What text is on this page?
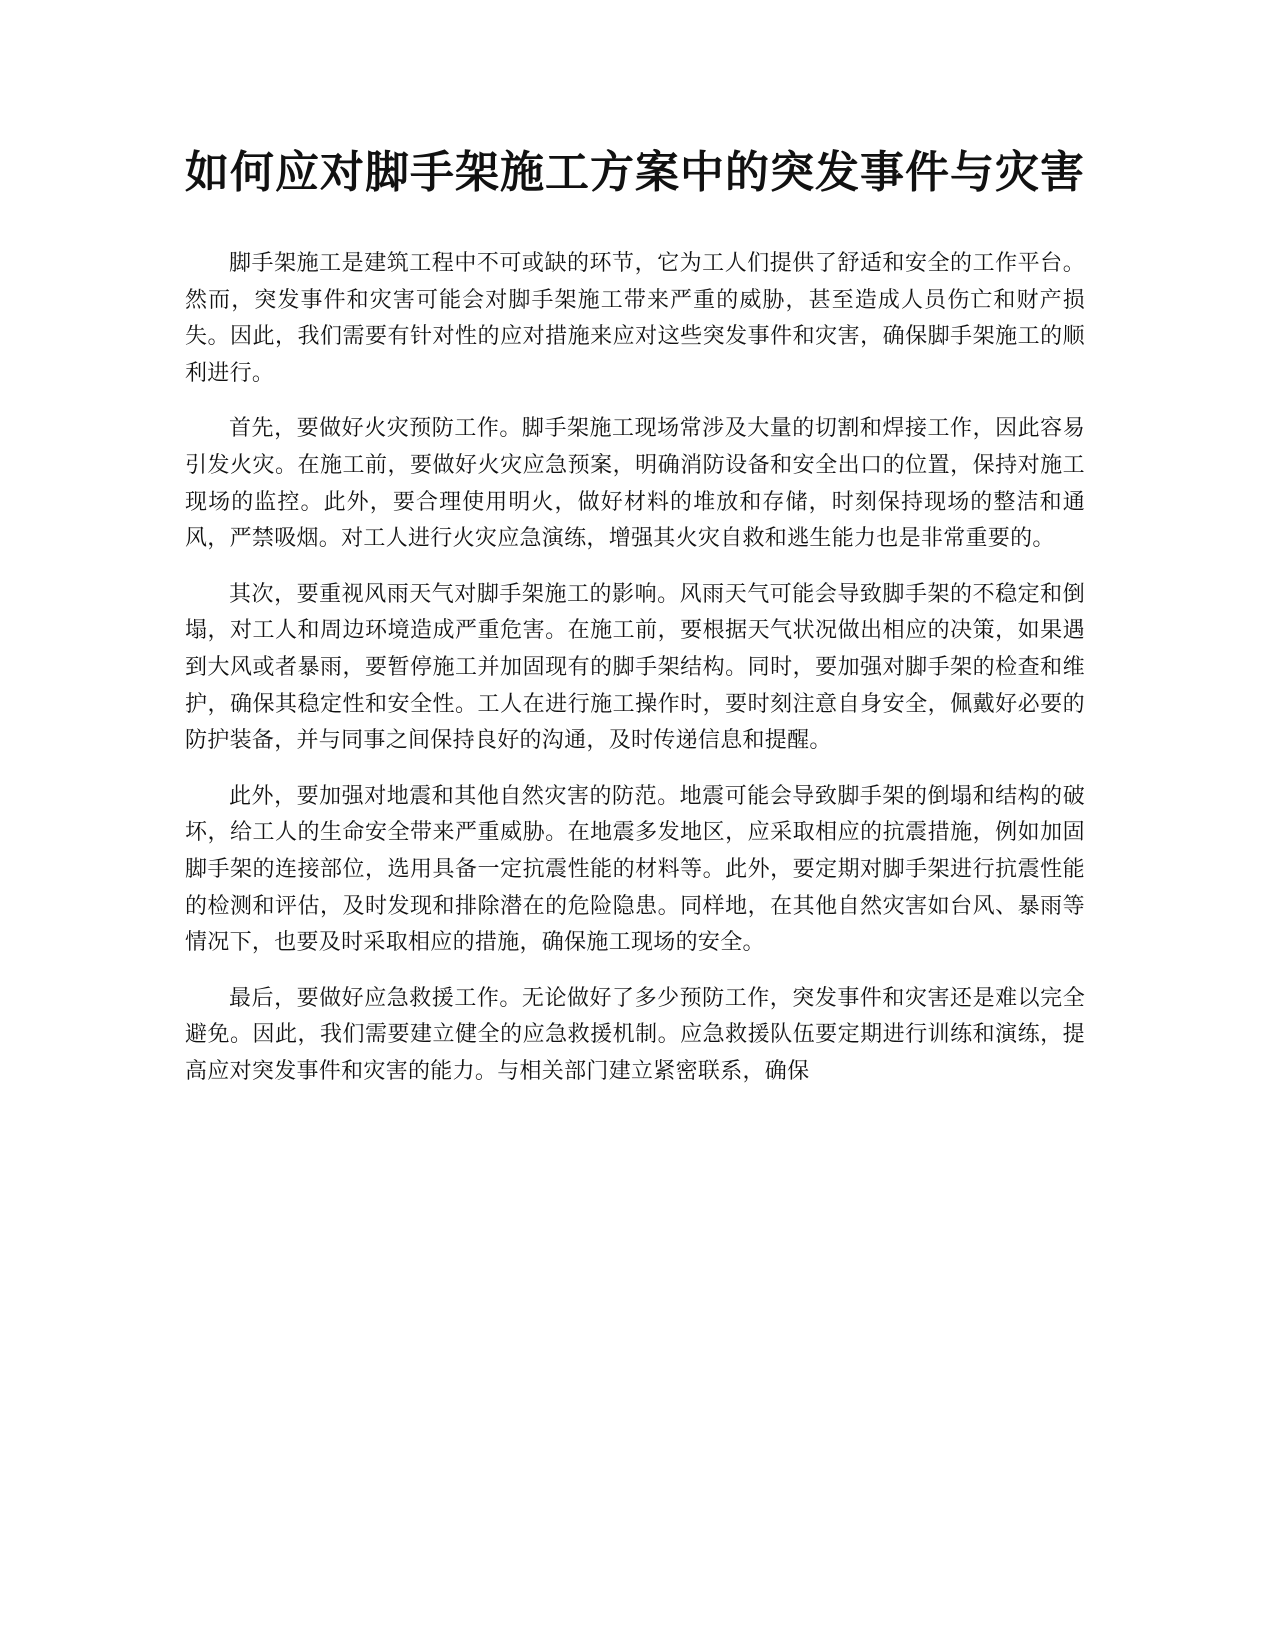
如何应对脚手架施工方案中的突发事件与灾害

脚手架施工是建筑工程中不可或缺的环节，它为工人们提供了舒适和安全的工作平台。然而，突发事件和灾害可能会对脚手架施工带来严重的威胁，甚至造成人员伤亡和财产损失。因此，我们需要有针对性的应对措施来应对这些突发事件和灾害，确保脚手架施工的顺利进行。

首先，要做好火灾预防工作。脚手架施工现场常涉及大量的切割和焊接工作，因此容易引发火灾。在施工前，要做好火灾应急预案，明确消防设备和安全出口的位置，保持对施工现场的监控。此外，要合理使用明火，做好材料的堆放和存储，时刻保持现场的整洁和通风，严禁吸烟。对工人进行火灾应急演练，增强其火灾自救和逃生能力也是非常重要的。

其次，要重视风雨天气对脚手架施工的影响。风雨天气可能会导致脚手架的不稳定和倒塌，对工人和周边环境造成严重危害。在施工前，要根据天气状况做出相应的决策，如果遇到大风或者暴雨，要暂停施工并加固现有的脚手架结构。同时，要加强对脚手架的检查和维护，确保其稳定性和安全性。工人在进行施工操作时，要时刻注意自身安全，佩戴好必要的防护装备，并与同事之间保持良好的沟通，及时传递信息和提醒。

此外，要加强对地震和其他自然灾害的防范。地震可能会导致脚手架的倒塌和结构的破坏，给工人的生命安全带来严重威胁。在地震多发地区，应采取相应的抗震措施，例如加固脚手架的连接部位，选用具备一定抗震性能的材料等。此外，要定期对脚手架进行抗震性能的检测和评估，及时发现和排除潜在的危险隐患。同样地，在其他自然灾害如台风、暴雨等情况下，也要及时采取相应的措施，确保施工现场的安全。

最后，要做好应急救援工作。无论做好了多少预防工作，突发事件和灾害还是难以完全避免。因此，我们需要建立健全的应急救援机制。应急救援队伍要定期进行训练和演练，提高应对突发事件和灾害的能力。与相关部门建立紧密联系，确保
